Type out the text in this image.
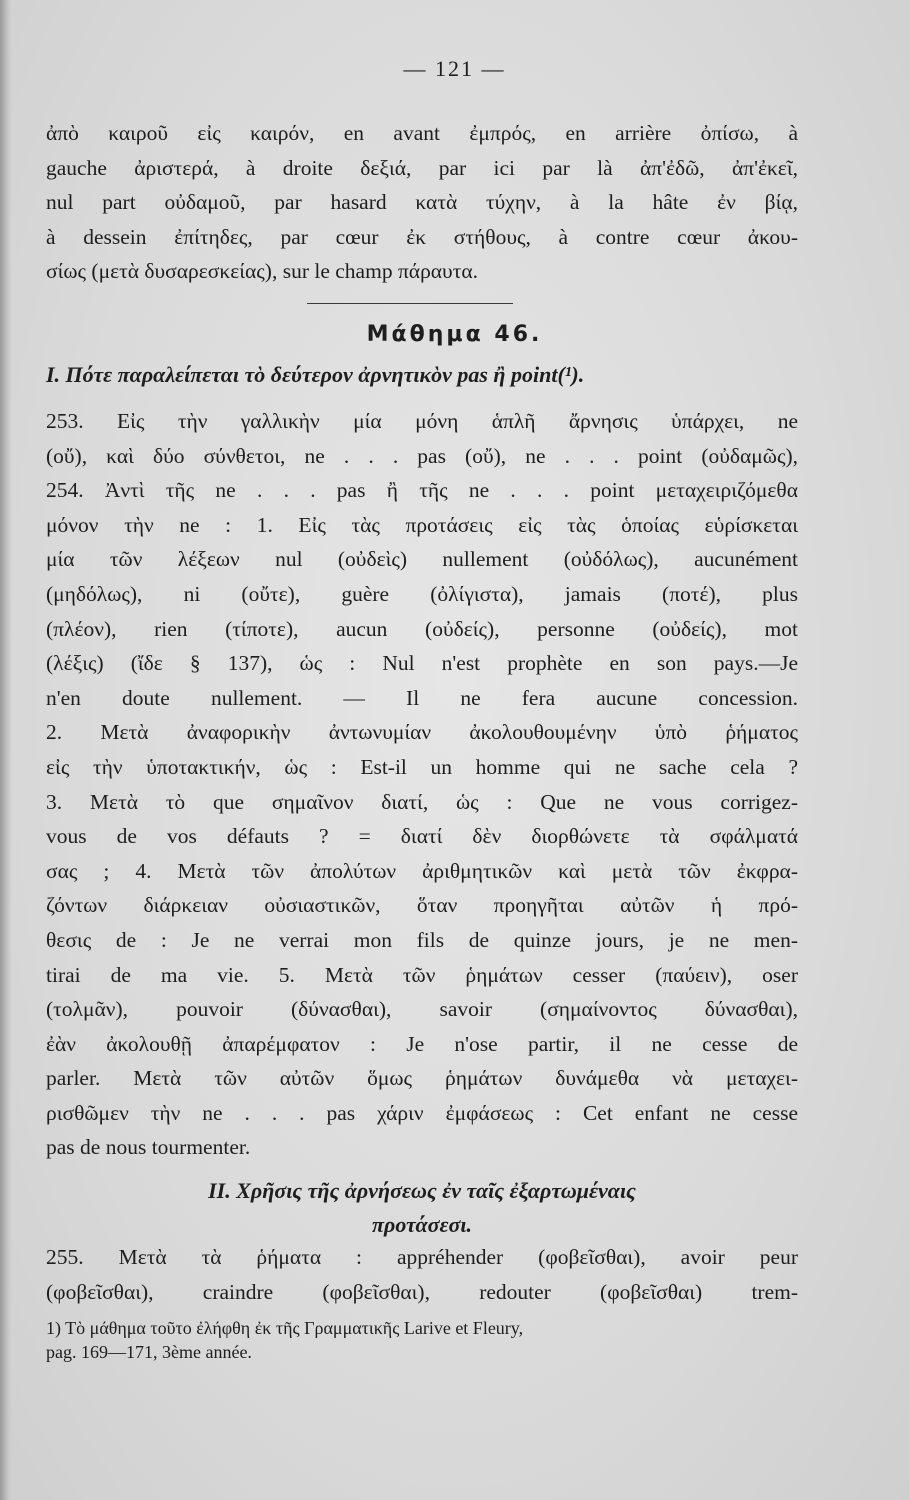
— 121 —
ἀπὸ καιροῦ εἰς καιρόν, en avant ἐμπρός, en arrière ὀπίσω, à
gauche ἀριστερά, à droite δεξιά, par ici par là ἀπ'ἐδῶ, ἀπ'ἐκεῖ,
nul part οὐδαμοῦ, par hasard κατὰ τύχην, à la hâte ἐν βίᾳ,
à dessein ἐπίτηδες, par cœur ἐκ στήθους, à contre cœur ἀκου-
σίως (μετὰ δυσαρεσκείας), sur le champ πάραυτα.
Μάθημα 46.
I. Πότε παραλείπεται τὸ δεύτερον ἀρνητικὸν pas ἢ point(¹).
253. Εἰς τὴν γαλλικὴν μία μόνη ἁπλῆ ἄρνησις ὑπάρχει, ne
(οὔ), καὶ δύο σύνθετοι, ne . . . pas (οὔ), ne . . . point (οὐδαμῶς),
254. Ἀντὶ τῆς ne . . . pas ἢ τῆς ne . . . point μεταχειριζόμεθα
μόνον τὴν ne : 1. Εἰς τὰς προτάσεις εἰς τὰς ὁποίας εὑρίσκεται
μία τῶν λέξεων nul (οὐδεὶς) nullement (οὐδόλως), aucunément
(μηδόλως), ni (οὔτε), guère (ὀλίγιστα), jamais (ποτέ), plus
(πλέον), rien (τίποτε), aucun (οὐδείς), personne (οὐδείς), mot
(λέξις) (ἴδε § 137), ὡς : Nul n'est prophète en son pays.—Je
n'en doute nullement. — Il ne fera aucune concession.
2. Μετὰ ἀναφορικὴν ἀντωνυμίαν ἀκολουθουμένην ὑπὸ ῥήματος
εἰς τὴν ὑποτακτικήν, ὡς : Est-il un homme qui ne sache cela ?
3. Μετὰ τὸ que σημαῖνον διατί, ὡς : Que ne vous corrigez-
vous de vos défauts ? = διατί δὲν διορθώνετε τὰ σφάλματά
σας ; 4. Μετὰ τῶν ἀπολύτων ἀριθμητικῶν καὶ μετὰ τῶν ἐκφρα-
ζόντων διάρκειαν οὐσιαστικῶν, ὅταν προηγῆται αὐτῶν ἡ πρό-
θεσις de : Je ne verrai mon fils de quinze jours, je ne men-
tirai de ma vie. 5. Μετὰ τῶν ῥημάτων cesser (παύειν), oser
(τολμᾶν), pouvoir (δύνασθαι), savoir (σημαίνοντος δύνασθαι),
ἐὰν ἀκολουθῇ ἀπαρέμφατον : Je n'ose partir, il ne cesse de
parler. Μετὰ τῶν αὐτῶν ὅμως ῥημάτων δυνάμεθα νὰ μεταχει-
ρισθῶμεν τὴν ne . . . pas χάριν ἐμφάσεως : Cet enfant ne cesse
pas de nous tourmenter.
II. Χρῆσις τῆς ἀρνήσεως ἐν ταῖς ἐξαρτωμέναις
προτάσεσι.
255. Μετὰ τὰ ῥήματα : appréhender (φοβεῖσθαι), avoir peur
(φοβεῖσθαι), craindre (φοβεῖσθαι), redouter (φοβεῖσθαι) trem-
1) Τὸ μάθημα τοῦτο ἐλήφθη ἐκ τῆς Γραμματικῆς Larive et Fleury,
pag. 169—171, 3ème année.
